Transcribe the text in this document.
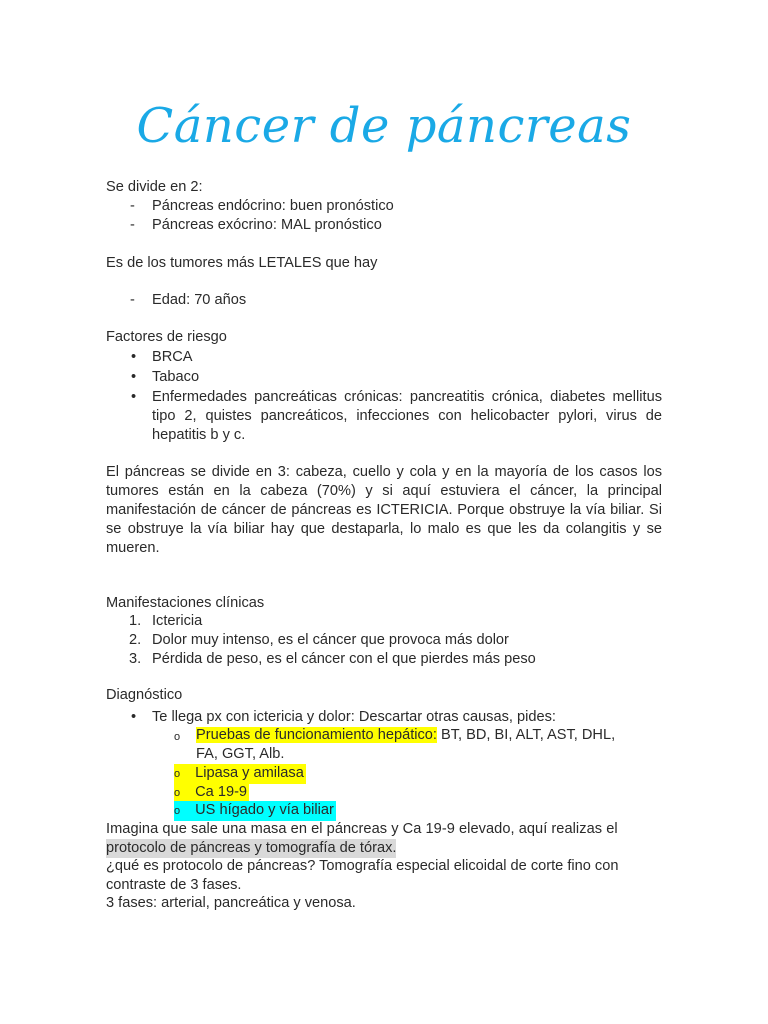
Cáncer de páncreas
Se divide en 2:
- Páncreas endócrino: buen pronóstico
- Páncreas exócrino: MAL pronóstico
Es de los tumores más LETALES que hay
- Edad: 70 años
Factores de riesgo
• BRCA
• Tabaco
• Enfermedades pancreáticas crónicas: pancreatitis crónica, diabetes mellitus tipo 2, quistes pancreáticos, infecciones con helicobacter pylori, virus de hepatitis b y c.
El páncreas se divide en 3: cabeza, cuello y cola y en la mayoría de los casos los tumores están en la cabeza (70%) y si aquí estuviera el cáncer, la principal manifestación de cáncer de páncreas es ICTERICIA. Porque obstruye la vía biliar. Si se obstruye la vía biliar hay que destaparla, lo malo es que les da colangitis y se mueren.
Manifestaciones clínicas
1. Ictericia
2. Dolor muy intenso, es el cáncer que provoca más dolor
3. Pérdida de peso, es el cáncer con el que pierdes más peso
Diagnóstico
• Te llega px con ictericia y dolor: Descartar otras causas, pides:
o Pruebas de funcionamiento hepático: BT, BD, BI, ALT, AST, DHL,
FA, GGT, Alb.
o Lipasa y amilasa
o Ca 19-9
o US hígado y vía biliar
Imagina que sale una masa en el páncreas y Ca 19-9 elevado, aquí realizas el
protocolo de páncreas y tomografía de tórax.
¿qué es protocolo de páncreas? Tomografía especial elicoidal de corte fino con
contraste de 3 fases.
3 fases: arterial, pancreática y venosa.
